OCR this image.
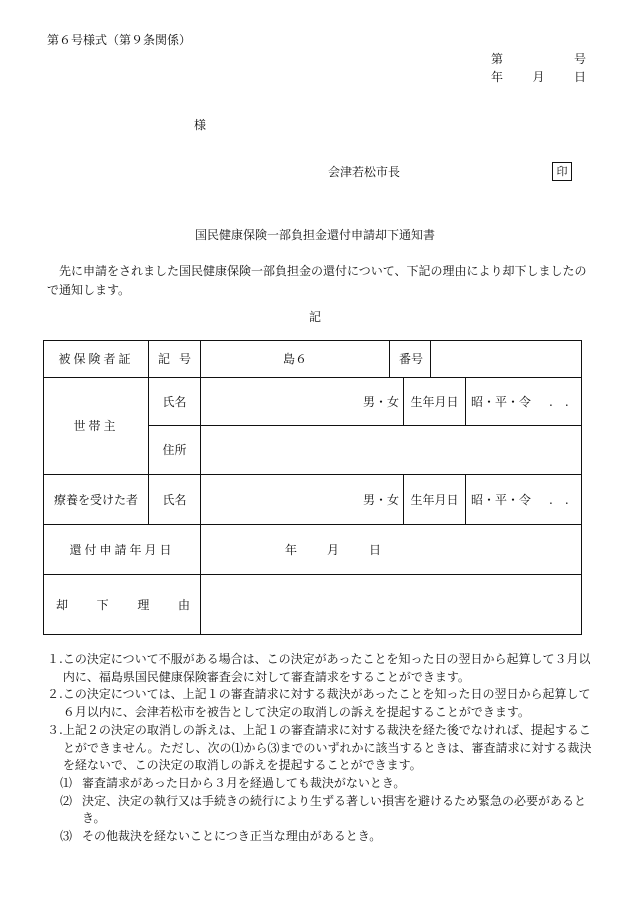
第６号様式（第９条関係）
第	号
年 月 日
様
会津若松市長	印
国民健康保険一部負担金還付申請却下通知書
　先に申請をされました国民健康保険一部負担金の還付について、下記の理由により却下しましたので通知します。
記
被保険者証	記 号	島６	番 号			

世帯主	氏名	男・女		生年月日		昭・平・令 .　.

	住所					
療養を受けた者	氏名	男・女		生年月日		昭・平・令 .　.

還付申請年月日		年 月 日				

却 下 理 由						

１. この決定について不服がある場合は、この決定があったことを知った日の翌日から起算して３月以内に、福島県国民健康保険審査会に対して審査請求をすることができます。
２. この決定については、上記１の審査請求に対する裁決があったことを知った日の翌日から起算して６月以内に、会津若松市を被告として決定の取消しの訴えを提起することができます。
３. 上記２の決定の取消しの訴えは、上記１の審査請求に対する裁決を経た後でなければ、提起することができません。ただし、次の⑴から⑶までのいずれかに該当するときは、審査請求に対する裁決を経ないで、この決定の取消しの訴えを提起することができます。
⑴ 審査請求があった日から３月を経過しても裁決がないとき。
⑵ 決定、決定の執行又は手続きの続行により生ずる著しい損害を避けるため緊急の必要があるとき。
⑶ その他裁決を経ないことにつき正当な理由があるとき。
